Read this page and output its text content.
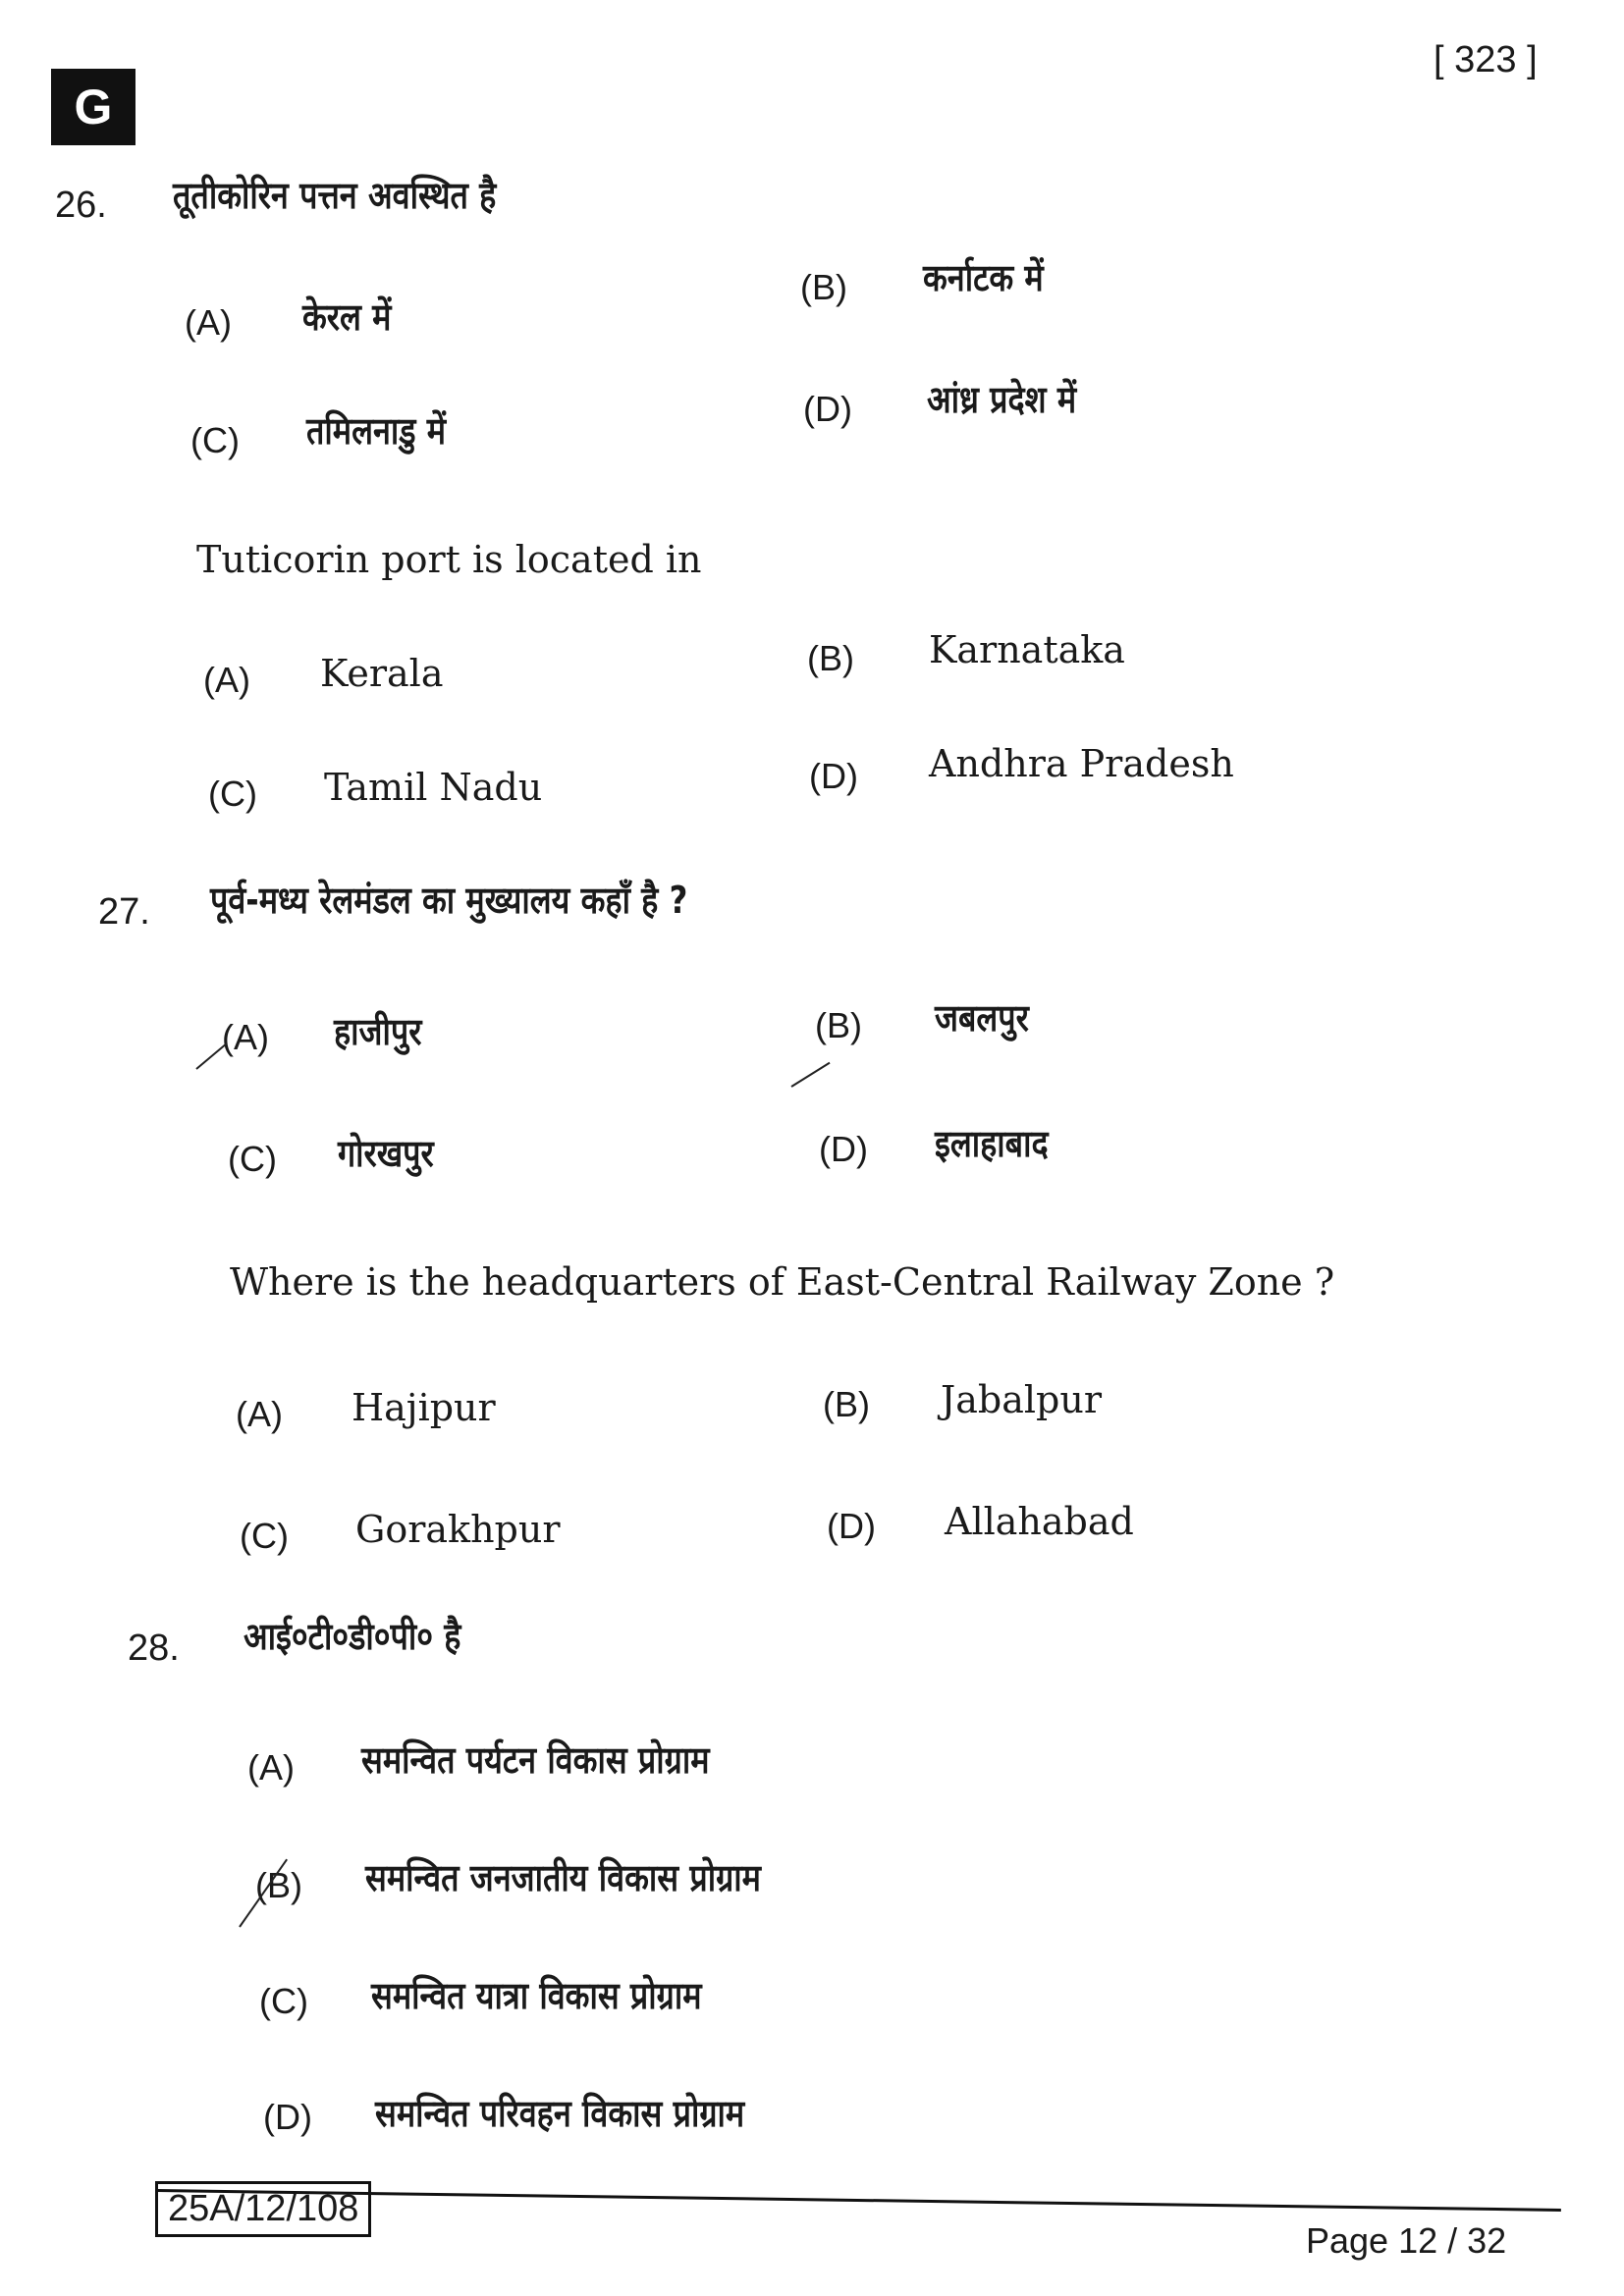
G
[ 323 ]
26. तूतीकोरिन पत्तन अवस्थित है
(A) केरल में
(B) कर्नाटक में
(C) तमिलनाडु में
(D) आंध्र प्रदेश में
Tuticorin port is located in
(A) Kerala	(B) Karnataka
(C) Tamil Nadu	(D) Andhra Pradesh
27. पूर्व-मध्य रेलमंडल का मुख्यालय कहाँ है ?
(A) हाजीपुर	(B) जबलपुर
(C) गोरखपुर	(D) इलाहाबाद
Where is the headquarters of East-Central Railway Zone ?
(A) Hajipur	(B) Jabalpur
(C) Gorakhpur	(D) Allahabad
28. आई०टी०डी०पी० है
(A) समन्वित पर्यटन विकास प्रोग्राम
(B) समन्वित जनजातीय विकास प्रोग्राम
(C) समन्वित यात्रा विकास प्रोग्राम
(D) समन्वित परिवहन विकास प्रोग्राम
25A/12/108
Page 12 / 32
